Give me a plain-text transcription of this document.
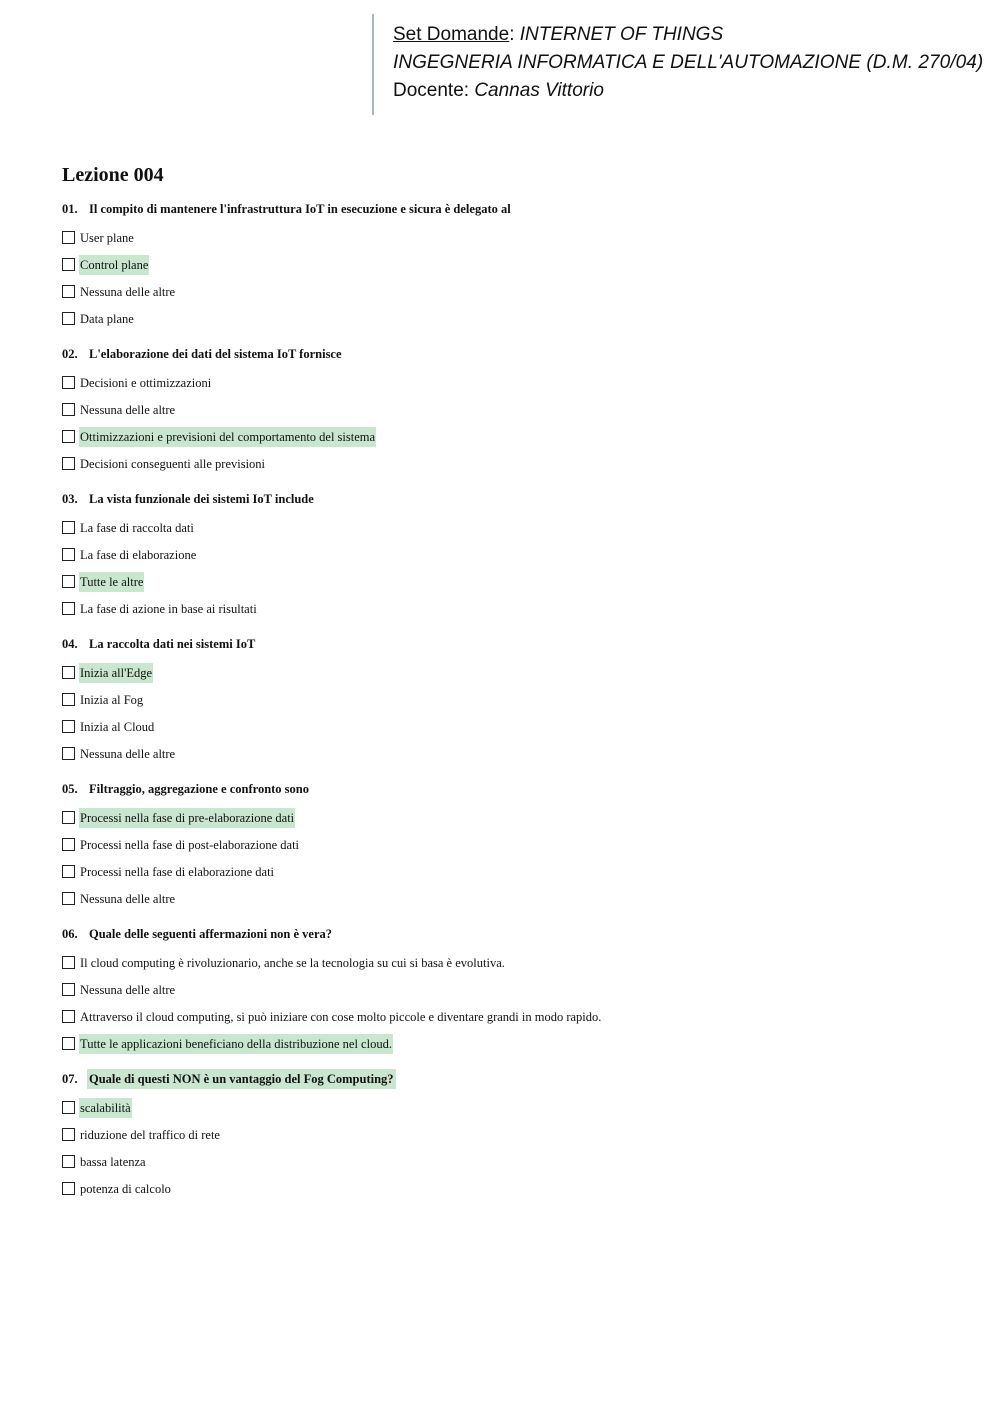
Set Domande: INTERNET OF THINGS
INGEGNERIA INFORMATICA E DELL'AUTOMAZIONE (D.M. 270/04)
Docente: Cannas Vittorio
Lezione 004
01. Il compito di mantenere l'infrastruttura IoT in esecuzione e sicura è delegato al
User plane
Control plane
Nessuna delle altre
Data plane
02. L'elaborazione dei dati del sistema IoT fornisce
Decisioni e ottimizzazioni
Nessuna delle altre
Ottimizzazioni e previsioni del comportamento del sistema
Decisioni conseguenti alle previsioni
03. La vista funzionale dei sistemi IoT include
La fase di raccolta dati
La fase di elaborazione
Tutte le altre
La fase di azione in base ai risultati
04. La raccolta dati nei sistemi IoT
Inizia all'Edge
Inizia al Fog
Inizia al Cloud
Nessuna delle altre
05. Filtraggio, aggregazione e confronto sono
Processi nella fase di pre-elaborazione dati
Processi nella fase di post-elaborazione dati
Processi nella fase di elaborazione dati
Nessuna delle altre
06. Quale delle seguenti affermazioni non è vera?
Il cloud computing è rivoluzionario, anche se la tecnologia su cui si basa è evolutiva.
Nessuna delle altre
Attraverso il cloud computing, si può iniziare con cose molto piccole e diventare grandi in modo rapido.
Tutte le applicazioni beneficiano della distribuzione nel cloud.
07. Quale di questi NON è un vantaggio del Fog Computing?
scalabilità
riduzione del traffico di rete
bassa latenza
potenza di calcolo
